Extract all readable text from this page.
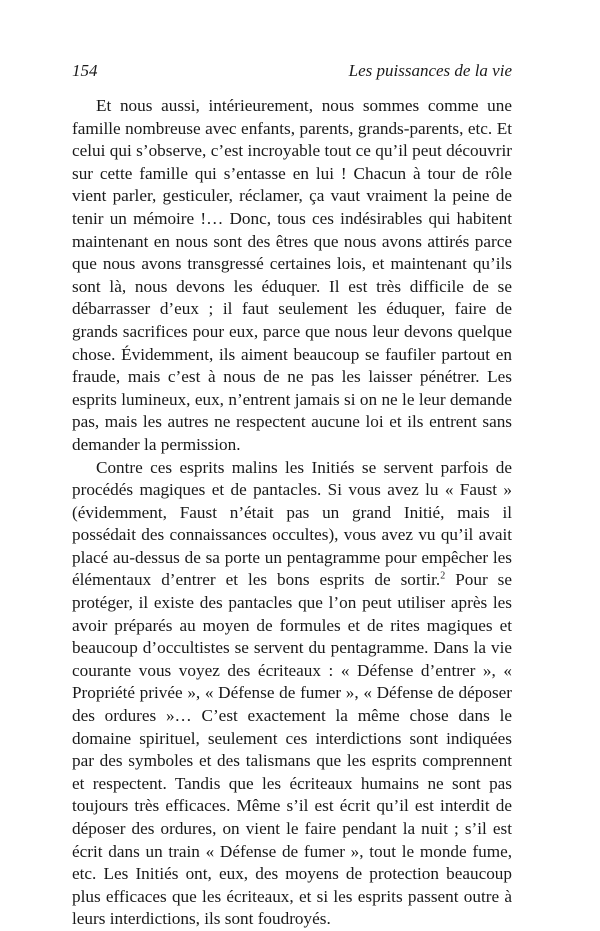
154	Les puissances de la vie

Et nous aussi, intérieurement, nous sommes comme une famille nombreuse avec enfants, parents, grands-parents, etc. Et celui qui s’observe, c’est incroyable tout ce qu’il peut découvrir sur cette famille qui s’entasse en lui ! Chacun à tour de rôle vient parler, gesticuler, réclamer, ça vaut vraiment la peine de tenir un mémoire !… Donc, tous ces indésirables qui habitent maintenant en nous sont des êtres que nous avons attirés parce que nous avons transgressé certaines lois, et maintenant qu’ils sont là, nous devons les éduquer. Il est très difficile de se débarrasser d’eux ; il faut seulement les éduquer, faire de grands sacrifices pour eux, parce que nous leur devons quelque chose. Évidemment, ils aiment beaucoup se faufiler partout en fraude, mais c’est à nous de ne pas les laisser pénétrer. Les esprits lumineux, eux, n’entrent jamais si on ne le leur demande pas, mais les autres ne respectent aucune loi et ils entrent sans demander la permission.

Contre ces esprits malins les Initiés se servent parfois de procédés magiques et de pantacles. Si vous avez lu « Faust » (évidemment, Faust n’était pas un grand Initié, mais il possédait des connaissances occultes), vous avez vu qu’il avait placé au-dessus de sa porte un pentagramme pour empêcher les élémentaux d’entrer et les bons esprits de sortir.$^2$ Pour se protéger, il existe des pantacles que l’on peut utiliser après les avoir préparés au moyen de formules et de rites magiques et beaucoup d’occultistes se servent du pentagramme. Dans la vie courante vous voyez des écriteaux : « Défense d’entrer », « Propriété privée », « Défense de fumer », « Défense de déposer des ordures »… C’est exactement la même chose dans le domaine spirituel, seulement ces interdictions sont indiquées par des symboles et des talismans que les esprits comprennent et respectent. Tandis que les écriteaux humains ne sont pas toujours très efficaces. Même s’il est écrit qu’il est interdit de déposer des ordures, on vient le faire pendant la nuit ; s’il est écrit dans un train « Défense de fumer », tout le monde fume, etc. Les Initiés ont, eux, des moyens de protection beaucoup plus efficaces que les écriteaux, et si les esprits passent outre à leurs interdictions, ils sont foudroyés.
